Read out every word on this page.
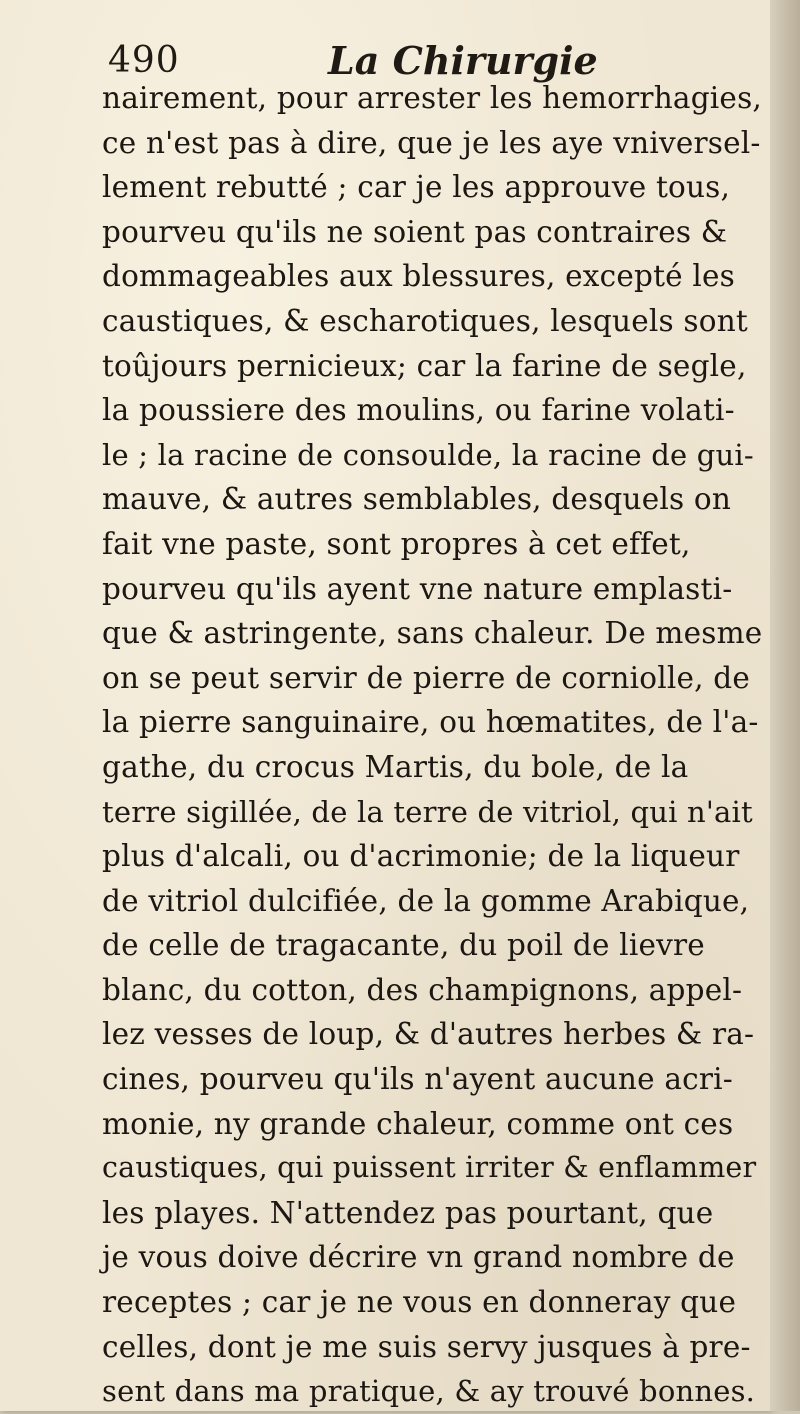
490	La Chirurgie
nairement, pour arrester les hemorrhagies,
ce n'est pas à dire, que je les aye vniversel-
lement rebutté ; car je les approuve tous,
pourveu qu'ils ne soient pas contraires &
dommageables aux blessures, excepté les
caustiques, & escharotiques, lesquels sont
toûjours pernicieux; car la farine de segle,
la poussiere des moulins, ou farine volati-
le ; la racine de consoulde, la racine de gui-
mauve, & autres semblables, desquels on
fait vne paste, sont propres à cet effet,
pourveu qu'ils ayent vne nature emplasti-
que & astringente, sans chaleur. De mesme
on se peut servir de pierre de corniolle, de
la pierre sanguinaire, ou hœmatites, de l'a-
gathe, du crocus Martis, du bole, de la
terre sigillée, de la terre de vitriol, qui n'ait
plus d'alcali, ou d'acrimonie; de la liqueur
de vitriol dulcifiée, de la gomme Arabique,
de celle de tragacante, du poil de lievre
blanc, du cotton, des champignons, appel-
lez vesses de loup, & d'autres herbes & ra-
cines, pourveu qu'ils n'ayent aucune acri-
monie, ny grande chaleur, comme ont ces
caustiques, qui puissent irriter & enflammer
les playes. N'attendez pas pourtant, que
je vous doive décrire vn grand nombre de
receptes ; car je ne vous en donneray que
celles, dont je me suis servy jusques à pre-
sent dans ma pratique, & ay trouvé bonnes.
